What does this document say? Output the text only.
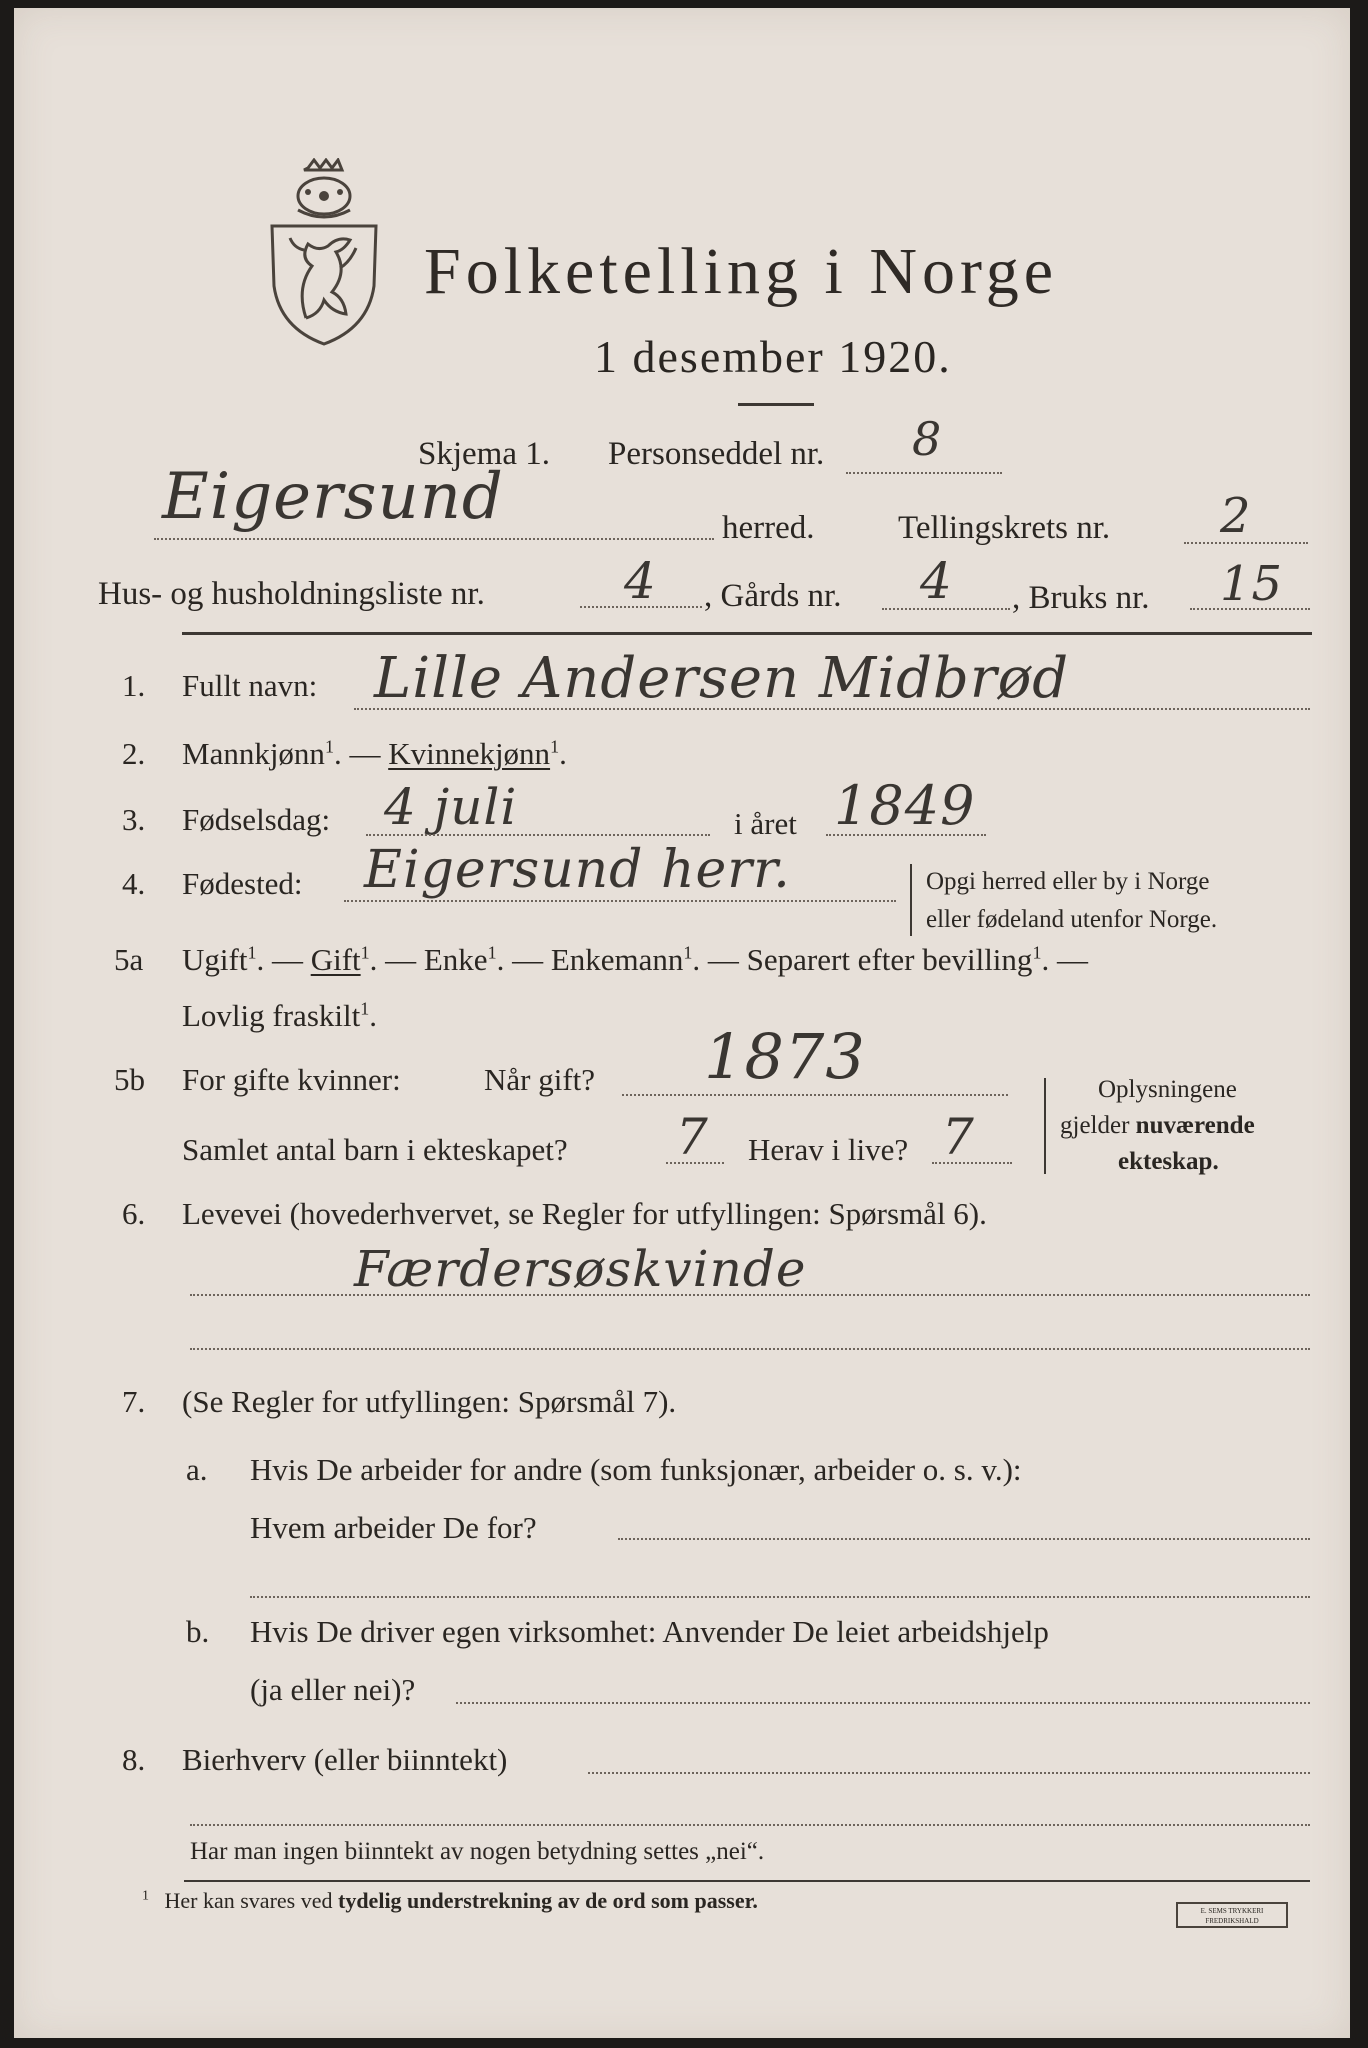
Folketelling i Norge
1 desember 1920.
Skjema 1. Personseddel nr. 8
Eigersund	herred.	Tellingskrets nr. 2
Hus- og husholdningsliste nr.	4 , Gårds nr. 4 , Bruks nr. 15
1. Fullt navn: Lille Andersen Midbrød
2. Mannkjønn$^1$. — Kvinnekjønn$^1$.
3. Fødselsdag: 4 juli	i året 1849
4. Fødested: Eigersund herr.	Opgi herred eller by i Norge
eller fødeland utenfor Norge.
5a Ugift$^1$. — Gift$^1$. — Enke$^1$. — Enkemann$^1$. — Separert efter bevilling$^1$. —
Lovlig fraskilt$^1$.
5b For gifte kvinner:	Når gift? 1873
Samlet antal barn i ekteskapet? 7 Herav i live? 7
Oplysningene
gjelder nuværende
ekteskap.
6. Levevei (hovederhvervet, se Regler for utfyllingen: Spørsmål 6).
Færdersøskvinde
7. (Se Regler for utfyllingen: Spørsmål 7).
a. Hvis De arbeider for andre (som funksjonær, arbeider o. s. v.):
Hvem arbeider De for?
b. Hvis De driver egen virksomhet: Anvender De leiet arbeidshjelp
(ja eller nei)?
8. Bierhverv (eller biinntekt)
Har man ingen biinntekt av nogen betydning settes „nei“.
$^1$ Her kan svares ved tydelig understrekning av de ord som passer.	E. SEMS TRYKKERI
FREDRIKSHALD
